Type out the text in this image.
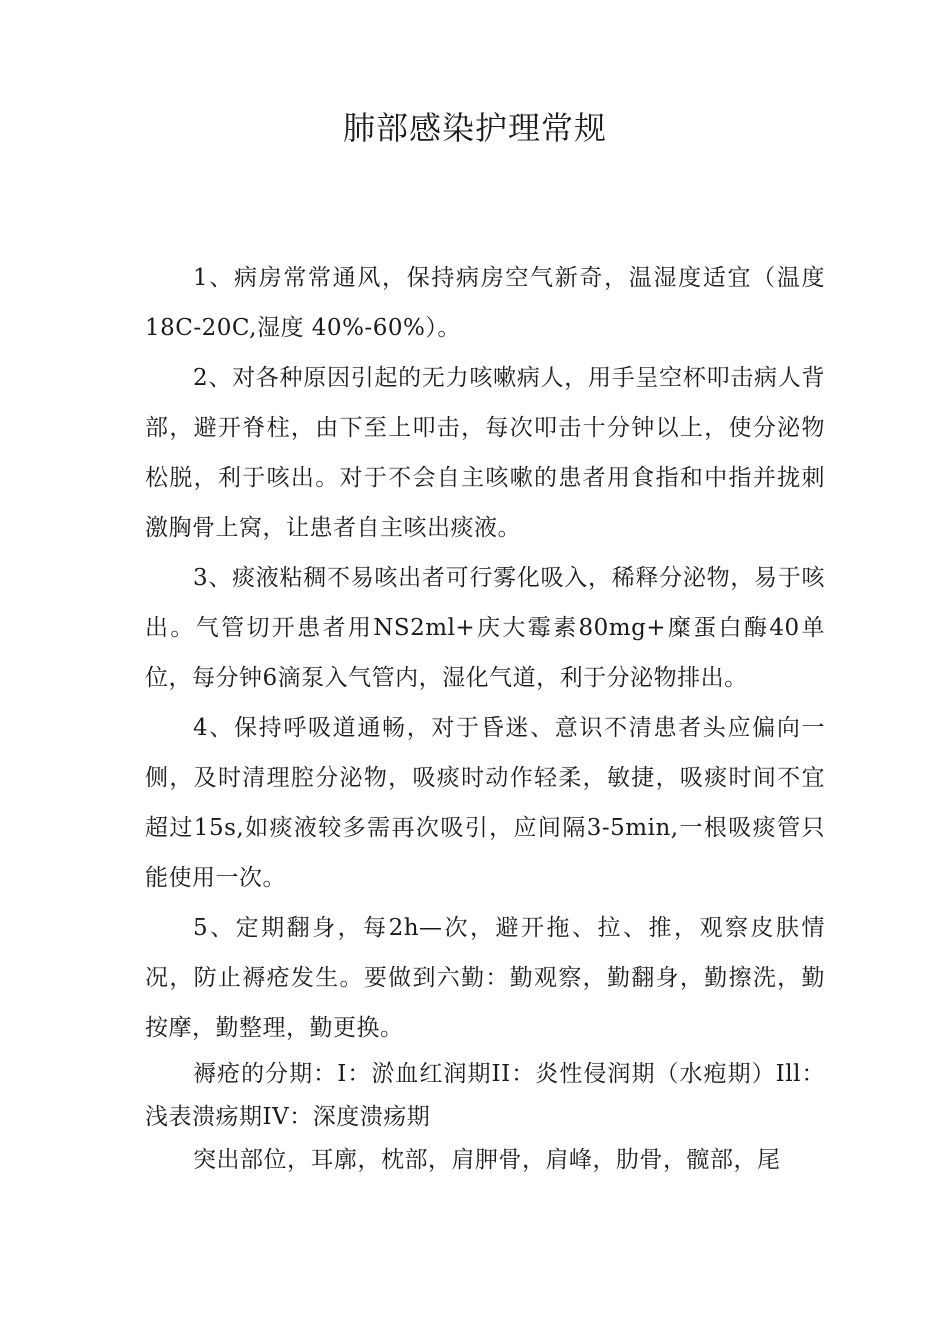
肺部感染护理常规

1、病房常常通风，保持病房空气新奇，温湿度适宜（温度18C-20C,湿度 40%-60%）。

2、对各种原因引起的无力咳嗽病人，用手呈空杯叩击病人背部，避开脊柱，由下至上叩击，每次叩击十分钟以上，使分泌物松脱，利于咳出。对于不会自主咳嗽的患者用食指和中指并拢刺激胸骨上窝，让患者自主咳出痰液。

3、痰液粘稠不易咳出者可行雾化吸入，稀释分泌物，易于咳出。气管切开患者用NS2ml+庆大霉素80mg+糜蛋白酶40单位，每分钟6滴泵入气管内，湿化气道，利于分泌物排出。

4、保持呼吸道通畅，对于昏迷、意识不清患者头应偏向一侧，及时清理腔分泌物，吸痰时动作轻柔，敏捷，吸痰时间不宜超过15s,如痰液较多需再次吸引，应间隔3-5min,一根吸痰管只能使用一次。

5、定期翻身，每2h—次，避开拖、拉、推，观察皮肤情况，防止褥疮发生。要做到六勤：勤观察，勤翻身，勤擦洗，勤按摩，勤整理，勤更换。

褥疮的分期：I：淤血红润期II：炎性侵润期（水疱期）Ill：浅表溃疡期IV：深度溃疡期

突出部位，耳廓，枕部，肩胛骨，肩峰，肋骨，髋部，尾
